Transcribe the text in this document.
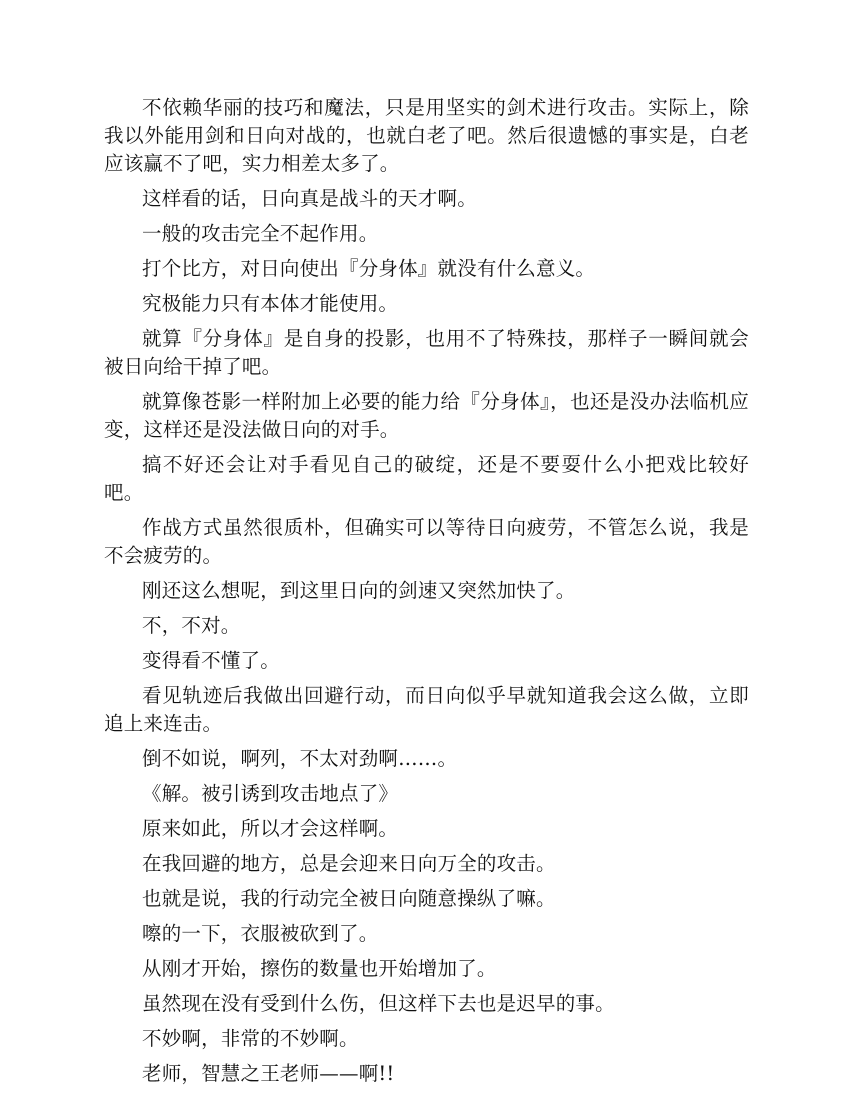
不依赖华丽的技巧和魔法，只是用坚实的剑术进行攻击。实际上，除我以外能用剑和日向对战的，也就白老了吧。然后很遗憾的事实是，白老应该赢不了吧，实力相差太多了。

这样看的话，日向真是战斗的天才啊。

一般的攻击完全不起作用。

打个比方，对日向使出『分身体』就没有什么意义。

究极能力只有本体才能使用。

就算『分身体』是自身的投影，也用不了特殊技，那样子一瞬间就会被日向给干掉了吧。

就算像苍影一样附加上必要的能力给『分身体』，也还是没办法临机应变，这样还是没法做日向的对手。

搞不好还会让对手看见自己的破绽，还是不要耍什么小把戏比较好吧。

作战方式虽然很质朴，但确实可以等待日向疲劳，不管怎么说，我是不会疲劳的。

刚还这么想呢，到这里日向的剑速又突然加快了。

不，不对。

变得看不懂了。

看见轨迹后我做出回避行动，而日向似乎早就知道我会这么做，立即追上来连击。

倒不如说，啊列，不太对劲啊……。

《解。被引诱到攻击地点了》

原来如此，所以才会这样啊。

在我回避的地方，总是会迎来日向万全的攻击。

也就是说，我的行动完全被日向随意操纵了嘛。

嚓的一下，衣服被砍到了。

从刚才开始，擦伤的数量也开始增加了。

虽然现在没有受到什么伤，但这样下去也是迟早的事。

不妙啊，非常的不妙啊。

老师，智慧之王老师——啊!!
